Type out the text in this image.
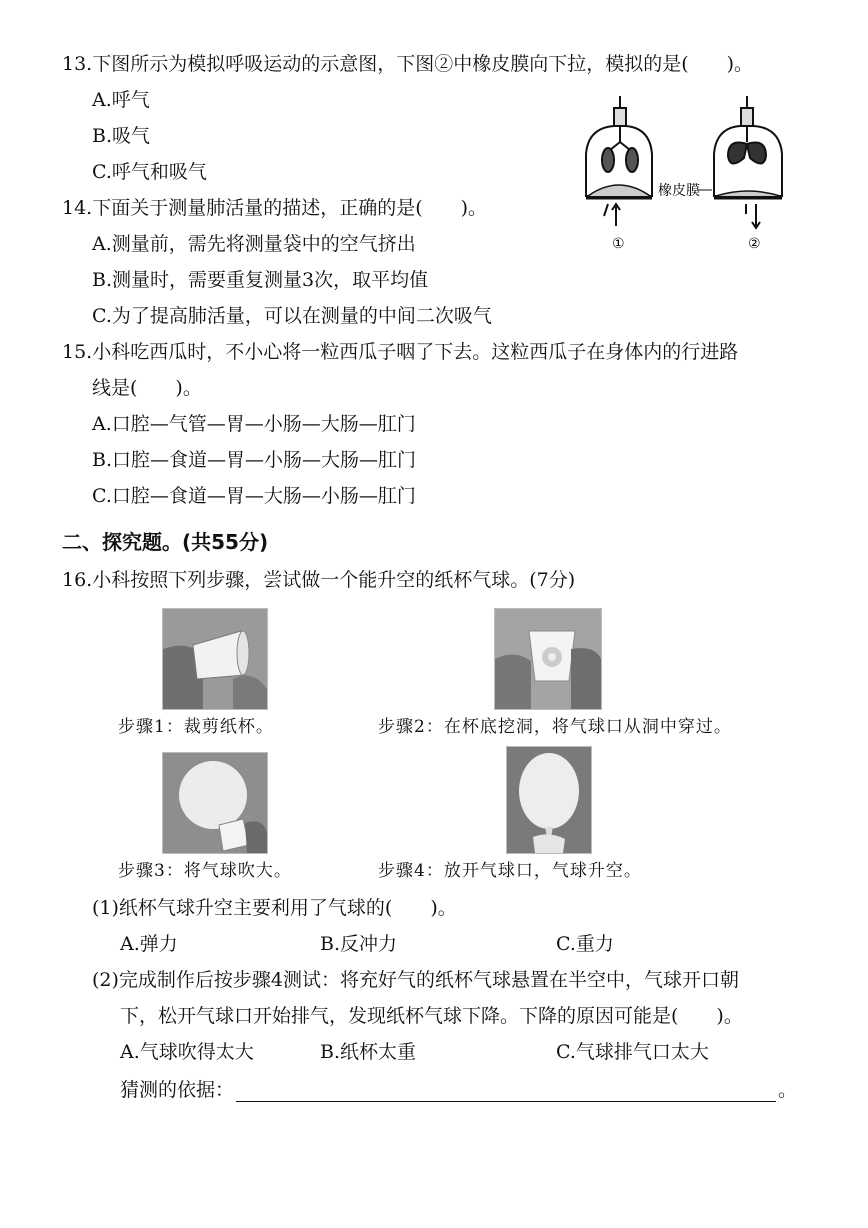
13.下图所示为模拟呼吸运动的示意图，下图②中橡皮膜向下拉，模拟的是(　　)。
A.呼气
B.吸气
C.呼气和吸气
橡皮膜
①	②
14.下面关于测量肺活量的描述，正确的是(　　)。
A.测量前，需先将测量袋中的空气挤出
B.测量时，需要重复测量3次，取平均值
C.为了提高肺活量，可以在测量的中间二次吸气
15.小科吃西瓜时，不小心将一粒西瓜子咽了下去。这粒西瓜子在身体内的行进路
线是(　　)。
A.口腔—气管—胃—小肠—大肠—肛门
B.口腔—食道—胃—小肠—大肠—肛门
C.口腔—食道—胃—大肠—小肠—肛门
二、探究题。(共55分)
16.小科按照下列步骤，尝试做一个能升空的纸杯气球。(7分)
步骤1：裁剪纸杯。	步骤2：在杯底挖洞，将气球口从洞中穿过。
步骤3：将气球吹大。	步骤4：放开气球口，气球升空。
(1)纸杯气球升空主要利用了气球的(　　)。
A.弹力	B.反冲力	C.重力
(2)完成制作后按步骤4测试：将充好气的纸杯气球悬置在半空中，气球开口朝
下，松开气球口开始排气，发现纸杯气球下降。下降的原因可能是(　　)。
A.气球吹得太大	B.纸杯太重	C.气球排气口太大
猜测的依据：	。
